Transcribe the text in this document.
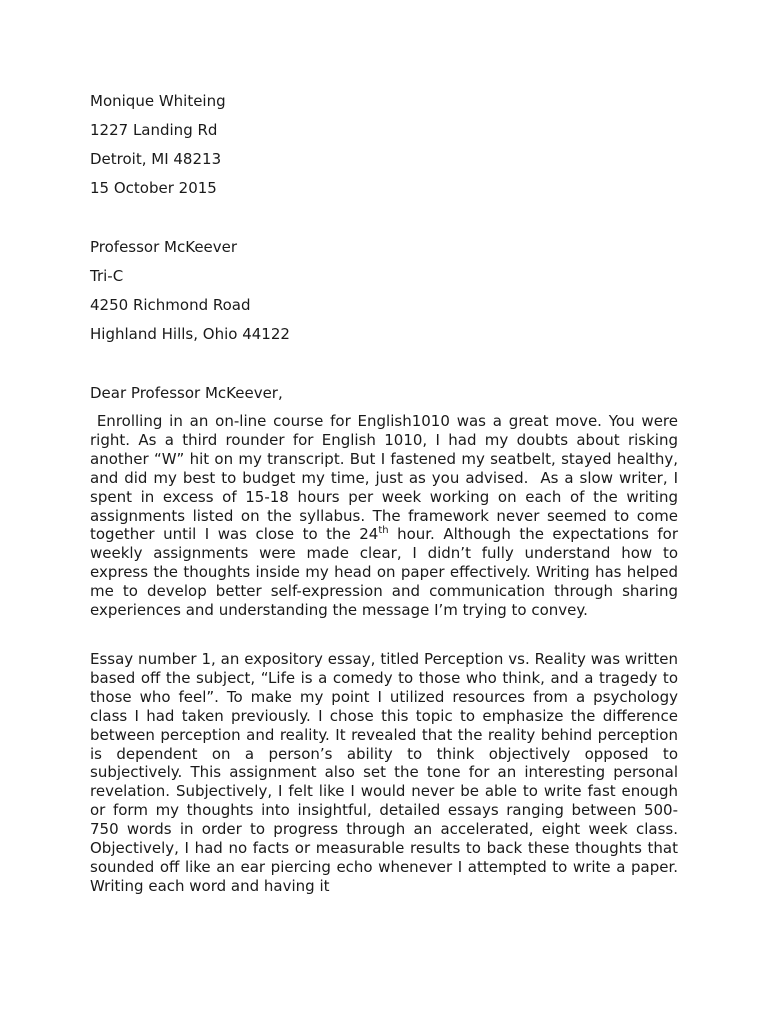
Monique Whiteing
1227 Landing Rd
Detroit, MI 48213
15 October 2015
Professor McKeever
Tri-C
4250 Richmond Road
Highland Hills, Ohio 44122
Dear Professor McKeever,

Enrolling in an on-line course for English1010 was a great move. You were right. As a third rounder for English 1010, I had my doubts about risking another “W” hit on my transcript. But I fastened my seatbelt, stayed healthy, and did my best to budget my time, just as you advised.  As a slow writer, I spent in excess of 15-18 hours per week working on each of the writing assignments listed on the syllabus. The framework never seemed to come together until I was close to the 24th hour. Although the expectations for weekly assignments were made clear, I didn’t fully understand how to express the thoughts inside my head on paper effectively. Writing has helped me to develop better self-expression and communication through sharing experiences and understanding the message I’m trying to convey.

Essay number 1, an expository essay, titled Perception vs. Reality was written based off the subject, “Life is a comedy to those who think, and a tragedy to those who feel”. To make my point I utilized resources from a psychology class I had taken previously. I chose this topic to emphasize the difference between perception and reality. It revealed that the reality behind perception is dependent on a person’s ability to think objectively opposed to subjectively. This assignment also set the tone for an interesting personal revelation. Subjectively, I felt like I would never be able to write fast enough or form my thoughts into insightful, detailed essays ranging between 500-750 words in order to progress through an accelerated, eight week class. Objectively, I had no facts or measurable results to back these thoughts that sounded off like an ear piercing echo whenever I attempted to write a paper. Writing each word and having it
